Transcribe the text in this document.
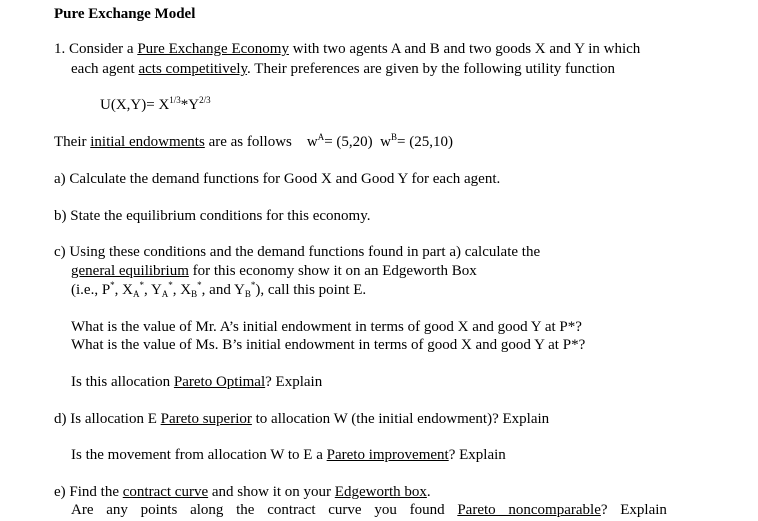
Pure Exchange Model
1. Consider a Pure Exchange Economy with two agents A and B and two goods X and Y in which
each agent acts competitively. Their preferences are given by the following utility function
$U(X,Y)= X^{1/3}*Y^{2/3}$
Their initial endowments are as follows $w^A= (5,20)$ $w^B= (25,10)$
a) Calculate the demand functions for Good X and Good Y for each agent.
b) State the equilibrium conditions for this economy.
c) Using these conditions and the demand functions found in part a) calculate the
general equilibrium for this economy show it on an Edgeworth Box
(i.e., P*, $X_A^*$, $Y_A^*$, $X_B^*$, and $Y_B^*$), call this point E.
What is the value of Mr. A’s initial endowment in terms of good X and good Y at P*?
What is the value of Ms. B’s initial endowment in terms of good X and good Y at P*?
Is this allocation Pareto Optimal? Explain
d) Is allocation E Pareto superior to allocation W (the initial endowment)? Explain
Is the movement from allocation W to E a Pareto improvement? Explain
e) Find the contract curve and show it on your Edgeworth box.
Are any points along the contract curve you found Pareto noncomparable? Explain
